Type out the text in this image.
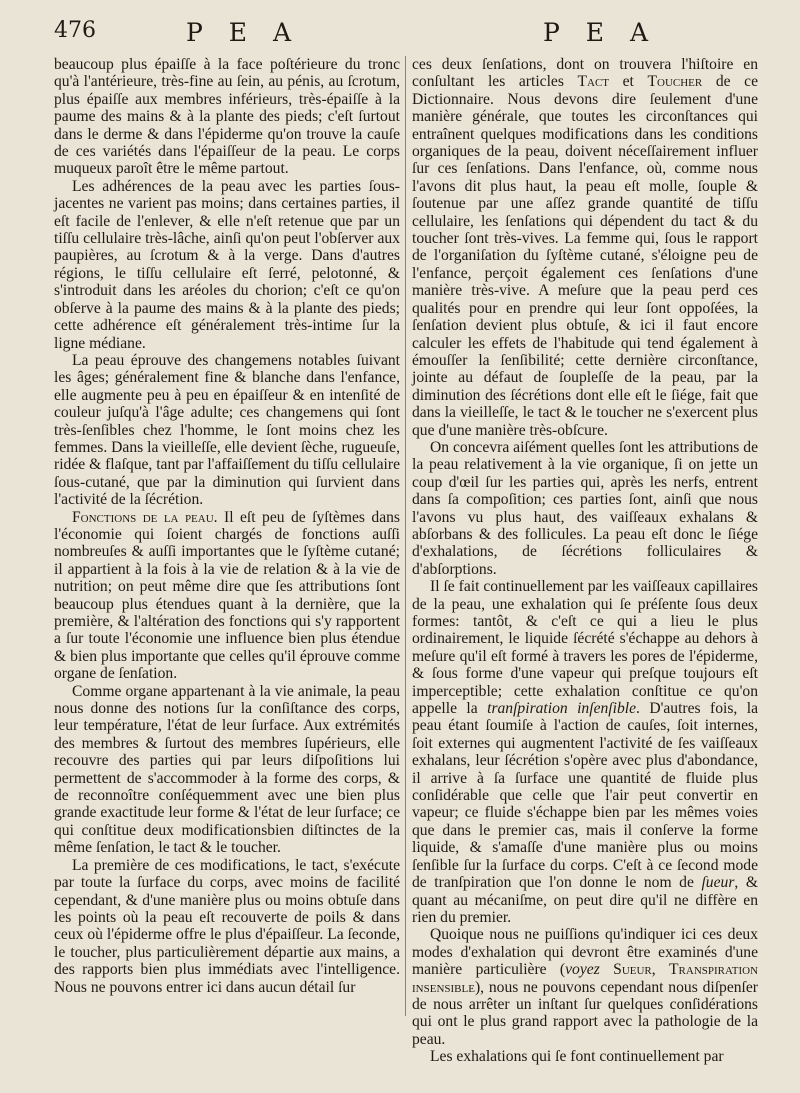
476	P E A	P E A

beaucoup plus épaiſſe à la face poſtérieure du tronc qu'à l'antérieure, très-fine au ſein, au pénis, au ſcrotum, plus épaiſſe aux membres inférieurs, très-épaiſſe à la paume des mains & à la plante des pieds; c'eſt ſurtout dans le derme & dans l'épiderme qu'on trouve la cauſe de ces variétés dans l'épaiſſeur de la peau. Le corps muqueux paroît être le même partout.

Les adhérences de la peau avec les parties ſous-jacentes ne varient pas moins; dans certaines parties, il eſt facile de l'enlever, & elle n'eſt retenue que par un tiſſu cellulaire très-lâche, ainſi qu'on peut l'obſerver aux paupières, au ſcrotum & à la verge. Dans d'autres régions, le tiſſu cellulaire eſt ſerré, pelotonné, & s'introduit dans les aréoles du chorion; c'eſt ce qu'on obſerve à la paume des mains & à la plante des pieds; cette adhérence eſt généralement très-intime ſur la ligne médiane.

La peau éprouve des changemens notables ſuivant les âges; généralement fine & blanche dans l'enfance, elle augmente peu à peu en épaiſſeur & en intenſité de couleur juſqu'à l'âge adulte; ces changemens qui ſont très-ſenſibles chez l'homme, le ſont moins chez les femmes. Dans la vieilleſſe, elle devient ſèche, rugueuſe, ridée & flaſque, tant par l'affaiſſement du tiſſu cellulaire ſous-cutané, que par la diminution qui ſurvient dans l'activité de la ſécrétion.

Fonctions de la peau. Il eſt peu de ſyſtèmes dans l'économie qui ſoient chargés de fonctions auſſi nombreuſes & auſſi importantes que le ſyſtème cutané; il appartient à la fois à la vie de relation & à la vie de nutrition; on peut même dire que ſes attributions ſont beaucoup plus étendues quant à la dernière, que la première, & l'altération des fonctions qui s'y rapportent a ſur toute l'économie une influence bien plus étendue & bien plus importante que celles qu'il éprouve comme organe de ſenſation.

Comme organe appartenant à la vie animale, la peau nous donne des notions ſur la conſiſtance des corps, leur température, l'état de leur ſurface. Aux extrémités des membres & ſurtout des membres ſupérieurs, elle recouvre des parties qui par leurs diſpoſitions lui permettent de s'accommoder à la forme des corps, & de reconnoître conſéquemment avec une bien plus grande exactitude leur forme & l'état de leur ſurface; ce qui conſtitue deux modificationsbien diſtinctes de la même ſenſation, le tact & le toucher.

La première de ces modifications, le tact, s'exécute par toute la ſurface du corps, avec moins de facilité cependant, & d'une manière plus ou moins obtuſe dans les points où la peau eſt recouverte de poils & dans ceux où l'épiderme offre le plus d'épaiſſeur. La ſeconde, le toucher, plus particulièrement départie aux mains, a des rapports bien plus immédiats avec l'intelligence. Nous ne pouvons entrer ici dans aucun détail ſur

ces deux ſenſations, dont on trouvera l'hiſtoire en conſultant les articles Tact et Toucher de ce Dictionnaire. Nous devons dire ſeulement d'une manière générale, que toutes les circonſtances qui entraînent quelques modifications dans les conditions organiques de la peau, doivent néceſſairement influer ſur ces ſenſations. Dans l'enfance, où, comme nous l'avons dit plus haut, la peau eſt molle, ſouple & ſoutenue par une aſſez grande quantité de tiſſu cellulaire, les ſenſations qui dépendent du tact & du toucher ſont très-vives. La femme qui, ſous le rapport de l'organiſation du ſyſtème cutané, s'éloigne peu de l'enfance, perçoit également ces ſenſations d'une manière très-vive. A meſure que la peau perd ces qualités pour en prendre qui leur ſont oppoſées, la ſenſation devient plus obtuſe, & ici il faut encore calculer les effets de l'habitude qui tend également à émouſſer la ſenſibilité; cette dernière circonſtance, jointe au défaut de ſoupleſſe de la peau, par la diminution des ſécrétions dont elle eſt le ſiége, fait que dans la vieilleſſe, le tact & le toucher ne s'exercent plus que d'une manière très-obſcure.

On concevra aiſément quelles ſont les attributions de la peau relativement à la vie organique, ſi on jette un coup d'œil ſur les parties qui, après les nerfs, entrent dans ſa compoſition; ces parties ſont, ainſi que nous l'avons vu plus haut, des vaiſſeaux exhalans & abſorbans & des follicules. La peau eſt donc le ſiége d'exhalations, de ſécrétions folliculaires & d'abſorptions.

Il ſe fait continuellement par les vaiſſeaux capillaires de la peau, une exhalation qui ſe préſente ſous deux formes: tantôt, & c'eſt ce qui a lieu le plus ordinairement, le liquide ſécrété s'échappe au dehors à meſure qu'il eſt formé à travers les pores de l'épiderme, & ſous forme d'une vapeur qui preſque toujours eſt imperceptible; cette exhalation conſtitue ce qu'on appelle la tranſpiration inſenſible. D'autres fois, la peau étant ſoumiſe à l'action de cauſes, ſoit internes, ſoit externes qui augmentent l'activité de ſes vaiſſeaux exhalans, leur ſécrétion s'opère avec plus d'abondance, il arrive à ſa ſurface une quantité de fluide plus conſidérable que celle que l'air peut convertir en vapeur; ce fluide s'échappe bien par les mêmes voies que dans le premier cas, mais il conſerve la forme liquide, & s'amaſſe d'une manière plus ou moins ſenſible ſur la ſurface du corps. C'eſt à ce ſecond mode de tranſpiration que l'on donne le nom de ſueur, & quant au mécaniſme, on peut dire qu'il ne diffère en rien du premier.

Quoique nous ne puiſſions qu'indiquer ici ces deux modes d'exhalation qui devront être examinés d'une manière particulière (voyez Sueur, Transpiration insensible), nous ne pouvons cependant nous diſpenſer de nous arrêter un inſtant ſur quelques conſidérations qui ont le plus grand rapport avec la pathologie de la peau.

Les exhalations qui ſe font continuellement par
